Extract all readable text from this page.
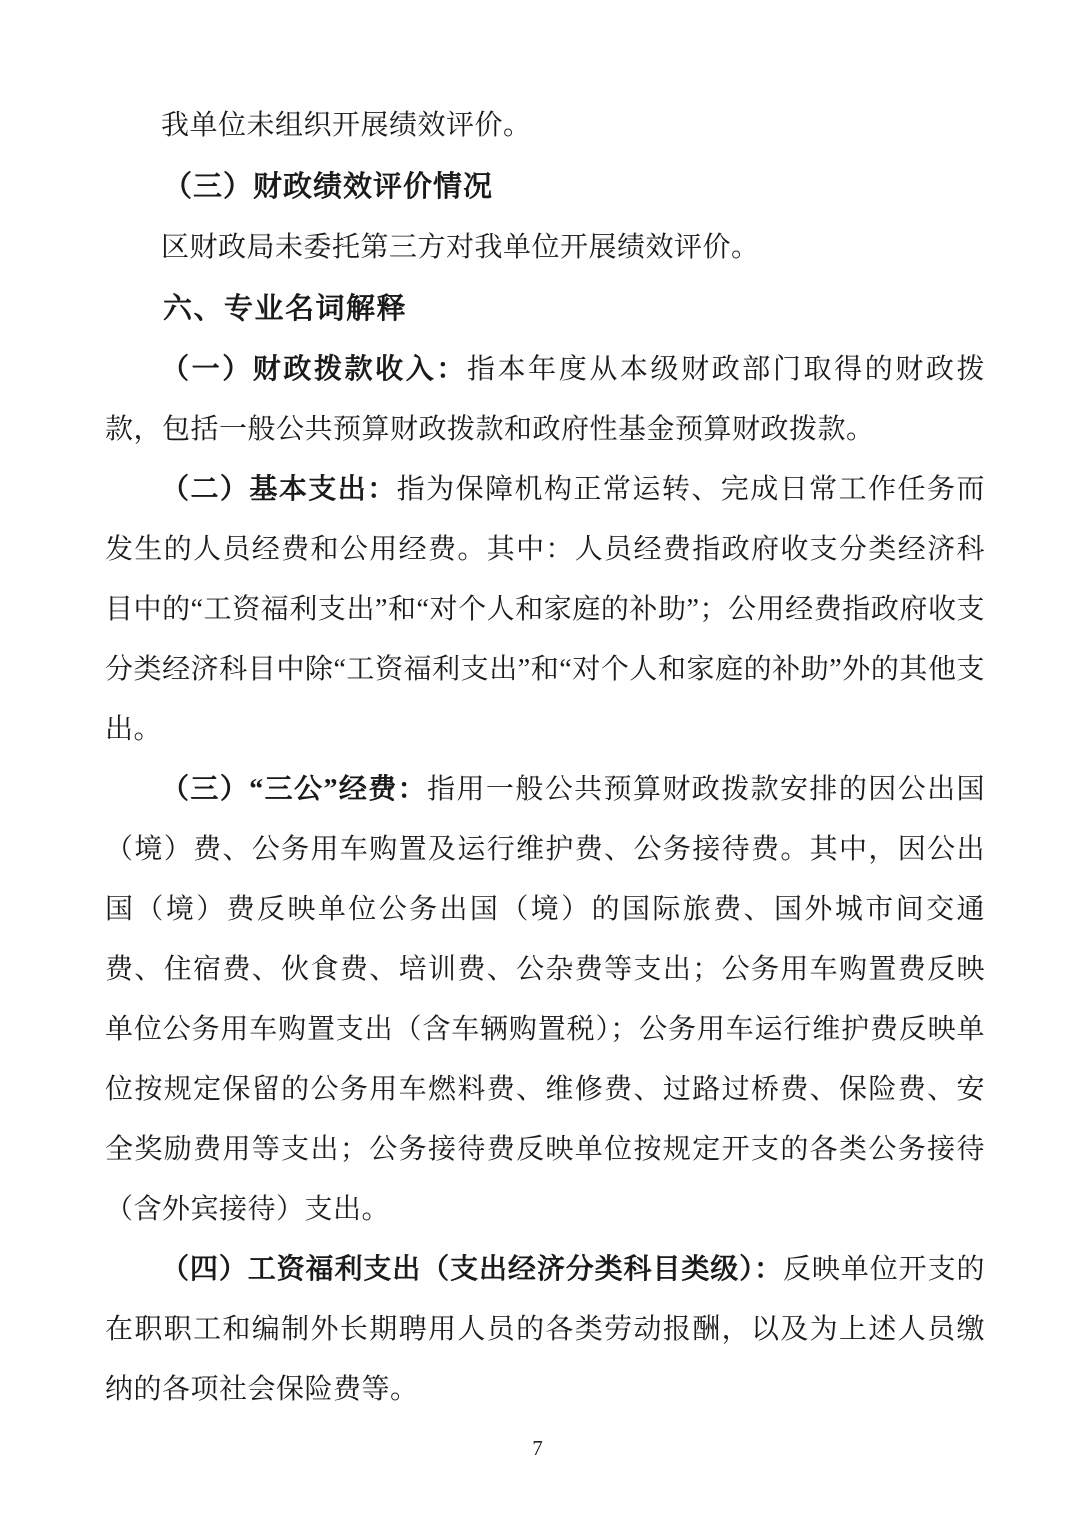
我单位未组织开展绩效评价。

（三）财政绩效评价情况

区财政局未委托第三方对我单位开展绩效评价。

六、专业名词解释

（一）财政拨款收入：指本年度从本级财政部门取得的财政拨款，包括一般公共预算财政拨款和政府性基金预算财政拨款。

（二）基本支出：指为保障机构正常运转、完成日常工作任务而发生的人员经费和公用经费。其中：人员经费指政府收支分类经济科目中的“工资福利支出”和“对个人和家庭的补助”；公用经费指政府收支分类经济科目中除“工资福利支出”和“对个人和家庭的补助”外的其他支出。

（三）“三公”经费：指用一般公共预算财政拨款安排的因公出国（境）费、公务用车购置及运行维护费、公务接待费。其中，因公出国（境）费反映单位公务出国（境）的国际旅费、国外城市间交通费、住宿费、伙食费、培训费、公杂费等支出；公务用车购置费反映单位公务用车购置支出（含车辆购置税）；公务用车运行维护费反映单位按规定保留的公务用车燃料费、维修费、过路过桥费、保险费、安全奖励费用等支出；公务接待费反映单位按规定开支的各类公务接待（含外宾接待）支出。

（四）工资福利支出（支出经济分类科目类级）：反映单位开支的在职职工和编制外长期聘用人员的各类劳动报酬，以及为上述人员缴纳的各项社会保险费等。

7
